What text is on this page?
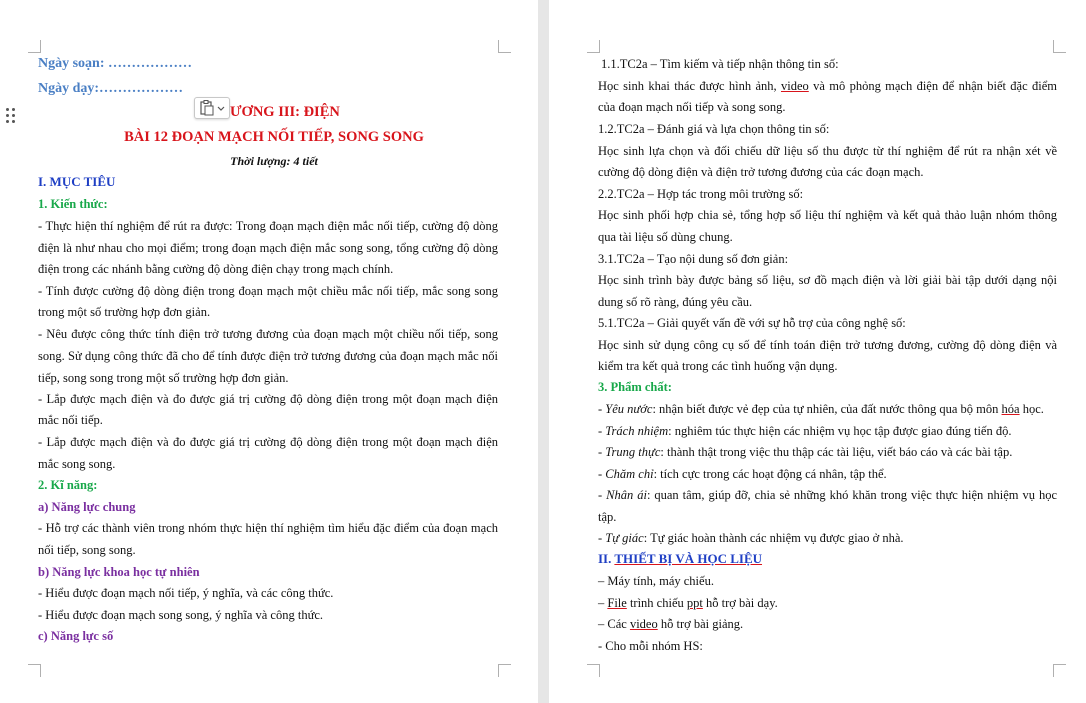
Ngày soạn: ………………
Ngày dạy:………………
ƯƠNG III: ĐIỆN
BÀI 12 ĐOẠN MẠCH NỐI TIẾP, SONG SONG
Thời lượng: 4 tiết
I. MỤC TIÊU
1. Kiến thức:
- Thực hiện thí nghiệm để rút ra được: Trong đoạn mạch điện mắc nối tiếp, cường độ dòng
điện là như nhau cho mọi điểm; trong đoạn mạch điện mắc song song, tổng cường độ dòng
điện trong các nhánh bằng cường độ dòng điện chạy trong mạch chính.
- Tính được cường độ dòng điện trong đoạn mạch một chiều mắc nối tiếp, mắc song song
trong một số trường hợp đơn giản.
- Nêu được công thức tính điện trở tương đương của đoạn mạch một chiều nối tiếp, song
song. Sử dụng công thức đã cho để tính được điện trở tương đương của đoạn mạch mắc nối
tiếp, song song trong một số trường hợp đơn giản.
- Lắp được mạch điện và đo được giá trị cường độ dòng điện trong một đoạn mạch điện
mắc nối tiếp.
- Lắp được mạch điện và đo được giá trị cường độ dòng điện trong một đoạn mạch điện
mắc song song.
2. Kĩ năng:
a) Năng lực chung
- Hỗ trợ các thành viên trong nhóm thực hiện thí nghiệm tìm hiểu đặc điểm của đoạn mạch
nối tiếp, song song.
b) Năng lực khoa học tự nhiên
- Hiểu được đoạn mạch nối tiếp, ý nghĩa, và các công thức.
- Hiểu được đoạn mạch song song, ý nghĩa và công thức.
c) Năng lực số
1.1.TC2a – Tìm kiếm và tiếp nhận thông tin số:
Học sinh khai thác được hình ảnh, video và mô phỏng mạch điện để nhận biết đặc điểm
của đoạn mạch nối tiếp và song song.
1.2.TC2a – Đánh giá và lựa chọn thông tin số:
Học sinh lựa chọn và đối chiếu dữ liệu số thu được từ thí nghiệm để rút ra nhận xét về
cường độ dòng điện và điện trở tương đương của các đoạn mạch.
2.2.TC2a – Hợp tác trong môi trường số:
Học sinh phối hợp chia sẻ, tổng hợp số liệu thí nghiệm và kết quả thảo luận nhóm thông
qua tài liệu số dùng chung.
3.1.TC2a – Tạo nội dung số đơn giản:
Học sinh trình bày được bảng số liệu, sơ đồ mạch điện và lời giải bài tập dưới dạng nội
dung số rõ ràng, đúng yêu cầu.
5.1.TC2a – Giải quyết vấn đề với sự hỗ trợ của công nghệ số:
Học sinh sử dụng công cụ số để tính toán điện trở tương đương, cường độ dòng điện và
kiểm tra kết quả trong các tình huống vận dụng.
3. Phẩm chất:
- Yêu nước: nhận biết được vẻ đẹp của tự nhiên, của đất nước thông qua bộ môn hóa học.
- Trách nhiệm: nghiêm túc thực hiện các nhiệm vụ học tập được giao đúng tiến độ.
- Trung thực: thành thật trong việc thu thập các tài liệu, viết báo cáo và các bài tập.
- Chăm chỉ: tích cực trong các hoạt động cá nhân, tập thể.
- Nhân ái: quan tâm, giúp đỡ, chia sẻ những khó khăn trong việc thực hiện nhiệm vụ học
tập.
- Tự giác: Tự giác hoàn thành các nhiệm vụ được giao ở nhà.
II. THIẾT BỊ VÀ HỌC LIỆU
– Máy tính, máy chiếu.
– File trình chiếu ppt hỗ trợ bài dạy.
– Các video hỗ trợ bài giảng.
- Cho mỗi nhóm HS:
